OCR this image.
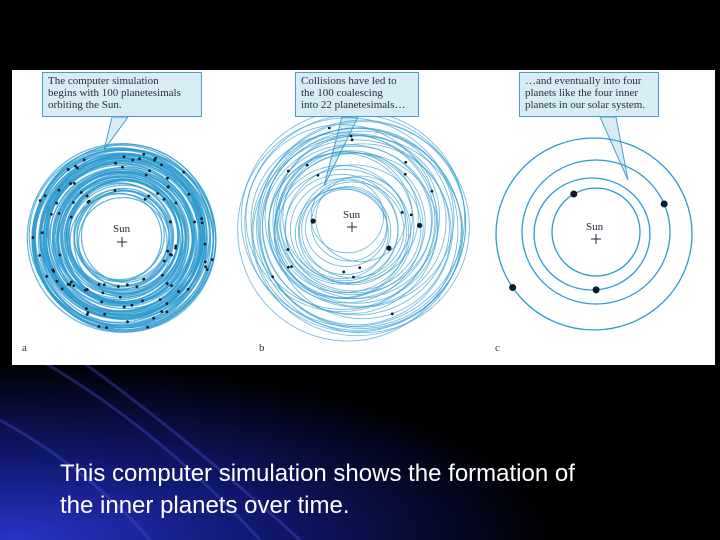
The computer simulation
begins with 100 planetesimals
orbiting the Sun.
Collisions have led to
the 100 coalescing
into 22 planetesimals…
…and eventually into four
planets like the four inner
planets in our solar system.
Sun
Sun
Sun
a	b	c
This computer simulation shows the formation of
the inner planets over time.
